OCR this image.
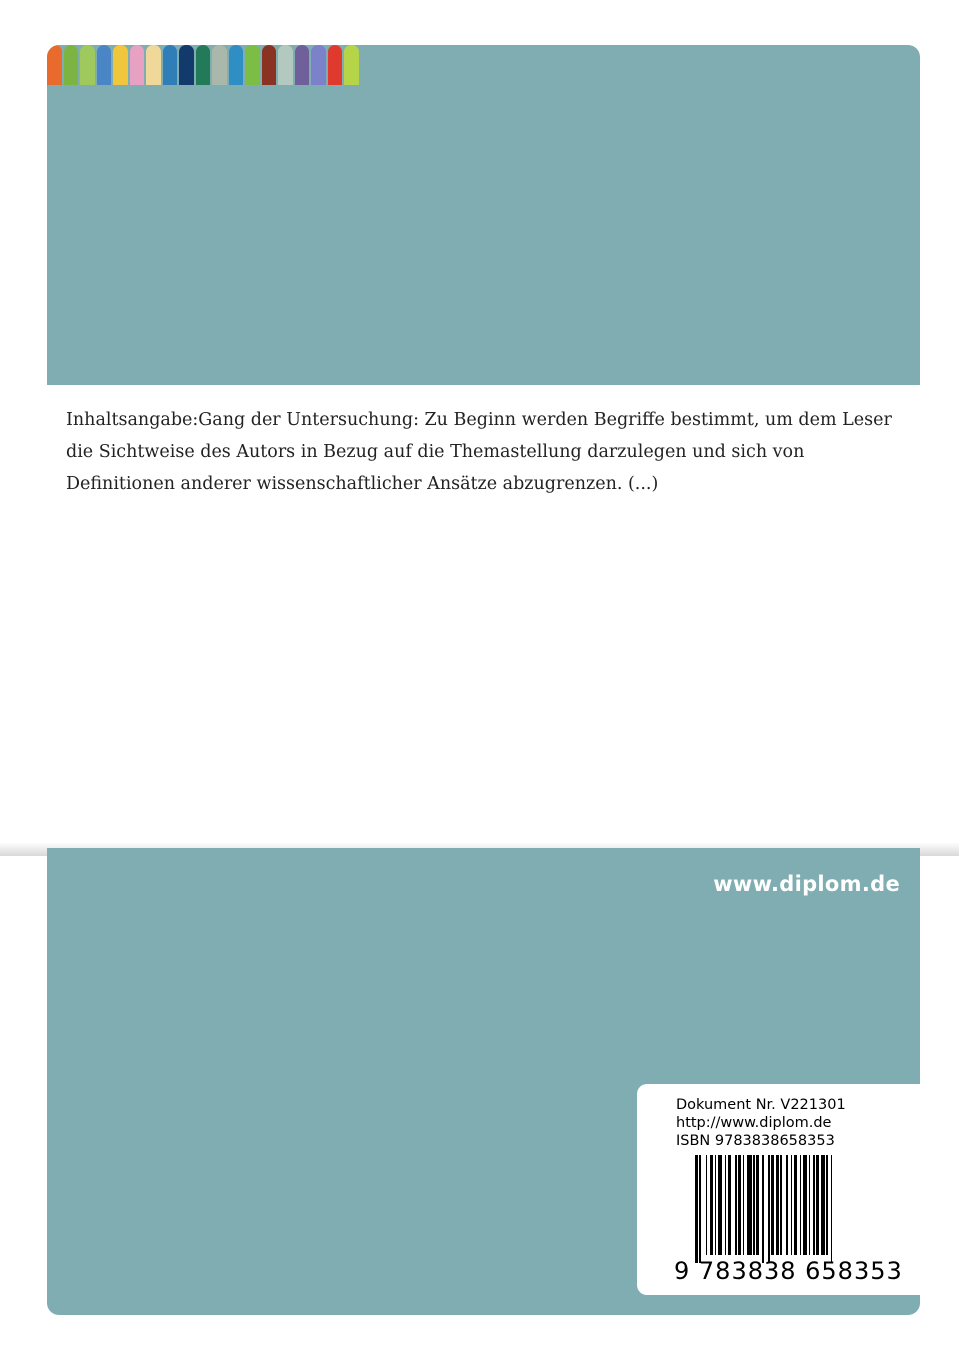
Inhaltsangabe:Gang der Untersuchung: Zu Beginn werden Begriffe bestimmt, um dem Leser die Sichtweise des Autors in Bezug auf die Themastellung darzulegen und sich von Definitionen anderer wissenschaftlicher Ansätze abzugrenzen. (...)

www.diplom.de
Dokument Nr. V221301
http://www.diplom.de
ISBN 9783838658353
9 783838 658353
